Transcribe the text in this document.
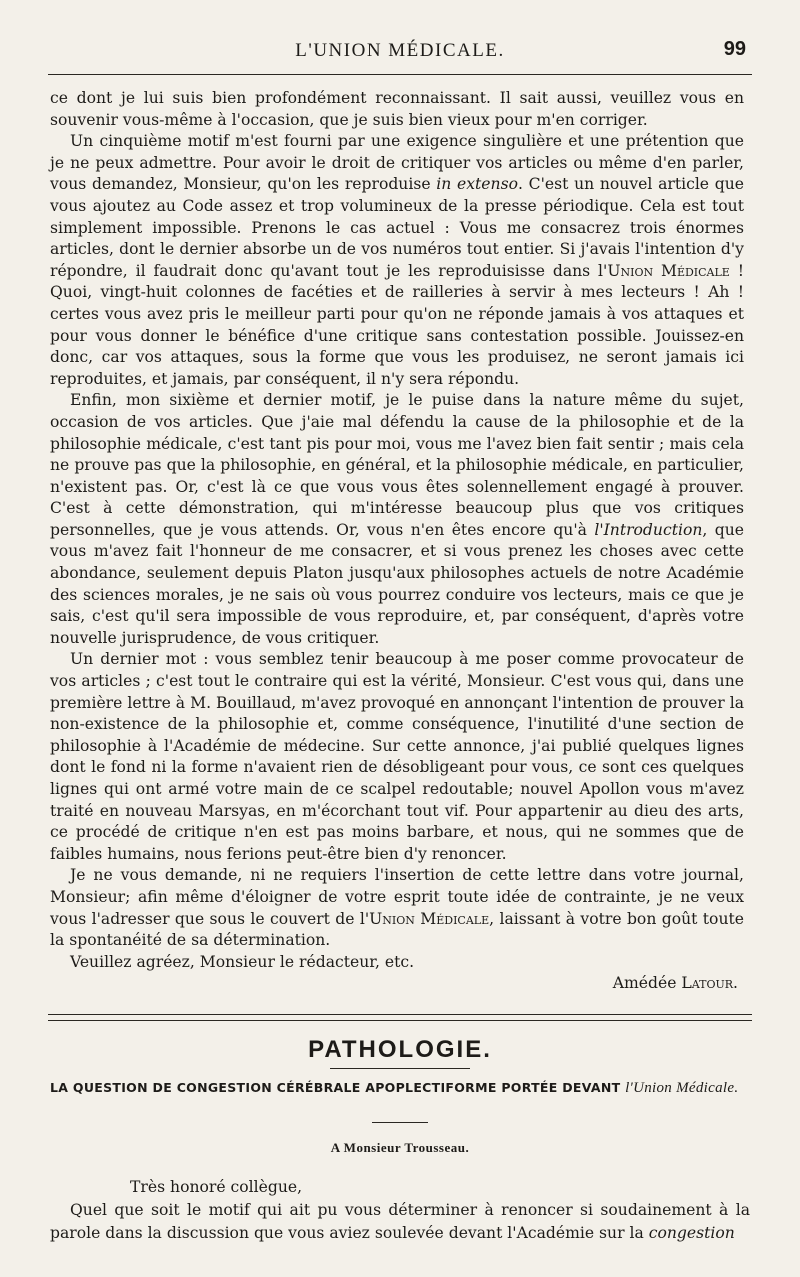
L'UNION MÉDICALE.	99

ce dont je lui suis bien profondément reconnaissant. Il sait aussi, veuillez vous en souvenir vous-même à l'occasion, que je suis bien vieux pour m'en corriger.

Un cinquième motif m'est fourni par une exigence singulière et une prétention que je ne peux admettre. Pour avoir le droit de critiquer vos articles ou même d'en parler, vous demandez, Monsieur, qu'on les reproduise in extenso. C'est un nouvel article que vous ajoutez au Code assez et trop volumineux de la presse périodique. Cela est tout simplement impossible. Prenons le cas actuel : Vous me consacrez trois énormes articles, dont le dernier absorbe un de vos numéros tout entier. Si j'avais l'intention d'y répondre, il faudrait donc qu'avant tout je les reproduisisse dans l'Union Médicale ! Quoi, vingt-huit colonnes de facéties et de railleries à servir à mes lecteurs ! Ah ! certes vous avez pris le meilleur parti pour qu'on ne réponde jamais à vos attaques et pour vous donner le bénéfice d'une critique sans contestation possible. Jouissez-en donc, car vos attaques, sous la forme que vous les produisez, ne seront jamais ici reproduites, et jamais, par conséquent, il n'y sera répondu.

Enfin, mon sixième et dernier motif, je le puise dans la nature même du sujet, occasion de vos articles. Que j'aie mal défendu la cause de la philosophie et de la philosophie médicale, c'est tant pis pour moi, vous me l'avez bien fait sentir ; mais cela ne prouve pas que la philosophie, en général, et la philosophie médicale, en particulier, n'existent pas. Or, c'est là ce que vous vous êtes solennellement engagé à prouver. C'est à cette démonstration, qui m'intéresse beaucoup plus que vos critiques personnelles, que je vous attends. Or, vous n'en êtes encore qu'à l'Introduction, que vous m'avez fait l'honneur de me consacrer, et si vous prenez les choses avec cette abondance, seulement depuis Platon jusqu'aux philosophes actuels de notre Académie des sciences morales, je ne sais où vous pourrez conduire vos lecteurs, mais ce que je sais, c'est qu'il sera impossible de vous reproduire, et, par conséquent, d'après votre nouvelle jurisprudence, de vous critiquer.

Un dernier mot : vous semblez tenir beaucoup à me poser comme provocateur de vos articles ; c'est tout le contraire qui est la vérité, Monsieur. C'est vous qui, dans une première lettre à M. Bouillaud, m'avez provoqué en annonçant l'intention de prouver la non-existence de la philosophie et, comme conséquence, l'inutilité d'une section de philosophie à l'Académie de médecine. Sur cette annonce, j'ai publié quelques lignes dont le fond ni la forme n'avaient rien de désobligeant pour vous, ce sont ces quelques lignes qui ont armé votre main de ce scalpel redoutable; nouvel Apollon vous m'avez traité en nouveau Marsyas, en m'écorchant tout vif. Pour appartenir au dieu des arts, ce procédé de critique n'en est pas moins barbare, et nous, qui ne sommes que de faibles humains, nous ferions peut-être bien d'y renoncer.

Je ne vous demande, ni ne requiers l'insertion de cette lettre dans votre journal, Monsieur; afin même d'éloigner de votre esprit toute idée de contrainte, je ne veux vous l'adresser que sous le couvert de l'Union Médicale, laissant à votre bon goût toute la spontanéité de sa détermination.

Veuillez agréez, Monsieur le rédacteur, etc.

Amédée Latour.

PATHOLOGIE.
LA QUESTION DE CONGESTION CÉRÉBRALE APOPLECTIFORME PORTÉE DEVANT l'Union Médicale.
A Monsieur Trousseau.

Très honoré collègue,

Quel que soit le motif qui ait pu vous déterminer à renoncer si soudainement à la parole dans la discussion que vous aviez soulevée devant l'Académie sur la congestion
